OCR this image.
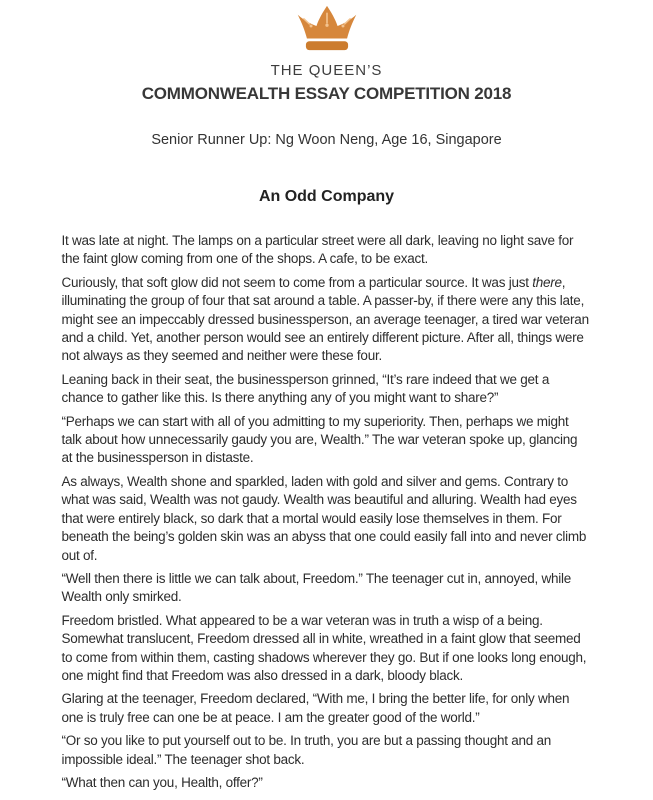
THE QUEEN’S
COMMONWEALTH ESSAY COMPETITION 2018
Senior Runner Up: Ng Woon Neng, Age 16, Singapore
An Odd Company

It was late at night. The lamps on a particular street were all dark, leaving no light save for the faint glow coming from one of the shops. A cafe, to be exact.

Curiously, that soft glow did not seem to come from a particular source. It was just there, illuminating the group of four that sat around a table. A passer-by, if there were any this late, might see an impeccably dressed businessperson, an average teenager, a tired war veteran and a child. Yet, another person would see an entirely different picture. After all, things were not always as they seemed and neither were these four.

Leaning back in their seat, the businessperson grinned, “It’s rare indeed that we get a chance to gather like this. Is there anything any of you might want to share?”

“Perhaps we can start with all of you admitting to my superiority. Then, perhaps we might talk about how unnecessarily gaudy you are, Wealth.” The war veteran spoke up, glancing at the businessperson in distaste.

As always, Wealth shone and sparkled, laden with gold and silver and gems. Contrary to what was said, Wealth was not gaudy. Wealth was beautiful and alluring. Wealth had eyes that were entirely black, so dark that a mortal would easily lose themselves in them. For beneath the being’s golden skin was an abyss that one could easily fall into and never climb out of.

“Well then there is little we can talk about, Freedom.” The teenager cut in, annoyed, while Wealth only smirked.

Freedom bristled. What appeared to be a war veteran was in truth a wisp of a being. Somewhat translucent, Freedom dressed all in white, wreathed in a faint glow that seemed to come from within them, casting shadows wherever they go. But if one looks long enough, one might find that Freedom was also dressed in a dark, bloody black.

Glaring at the teenager, Freedom declared, “With me, I bring the better life, for only when one is truly free can one be at peace. I am the greater good of the world.”

“Or so you like to put yourself out to be. In truth, you are but a passing thought and an impossible ideal.” The teenager shot back.

“What then can you, Health, offer?”
